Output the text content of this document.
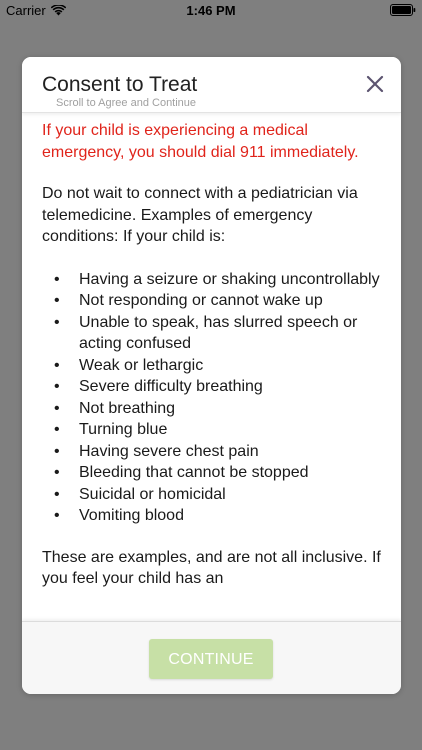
Carrier	1:46 PM
Consent to Treat
Scroll to Agree and Continue

If your child is experiencing a medical emergency, you should dial 911 immediately.

Do not wait to connect with a pediatrician via telemedicine. Examples of emergency conditions: If your child is:

• Having a seizure or shaking uncontrollably
• Not responding or cannot wake up
• Unable to speak, has slurred speech or acting confused
• Weak or lethargic
• Severe difficulty breathing
• Not breathing
• Turning blue
• Having severe chest pain
• Bleeding that cannot be stopped
• Suicidal or homicidal
• Vomiting blood

These are examples, and are not all inclusive. If you feel your child has an

CONTINUE
